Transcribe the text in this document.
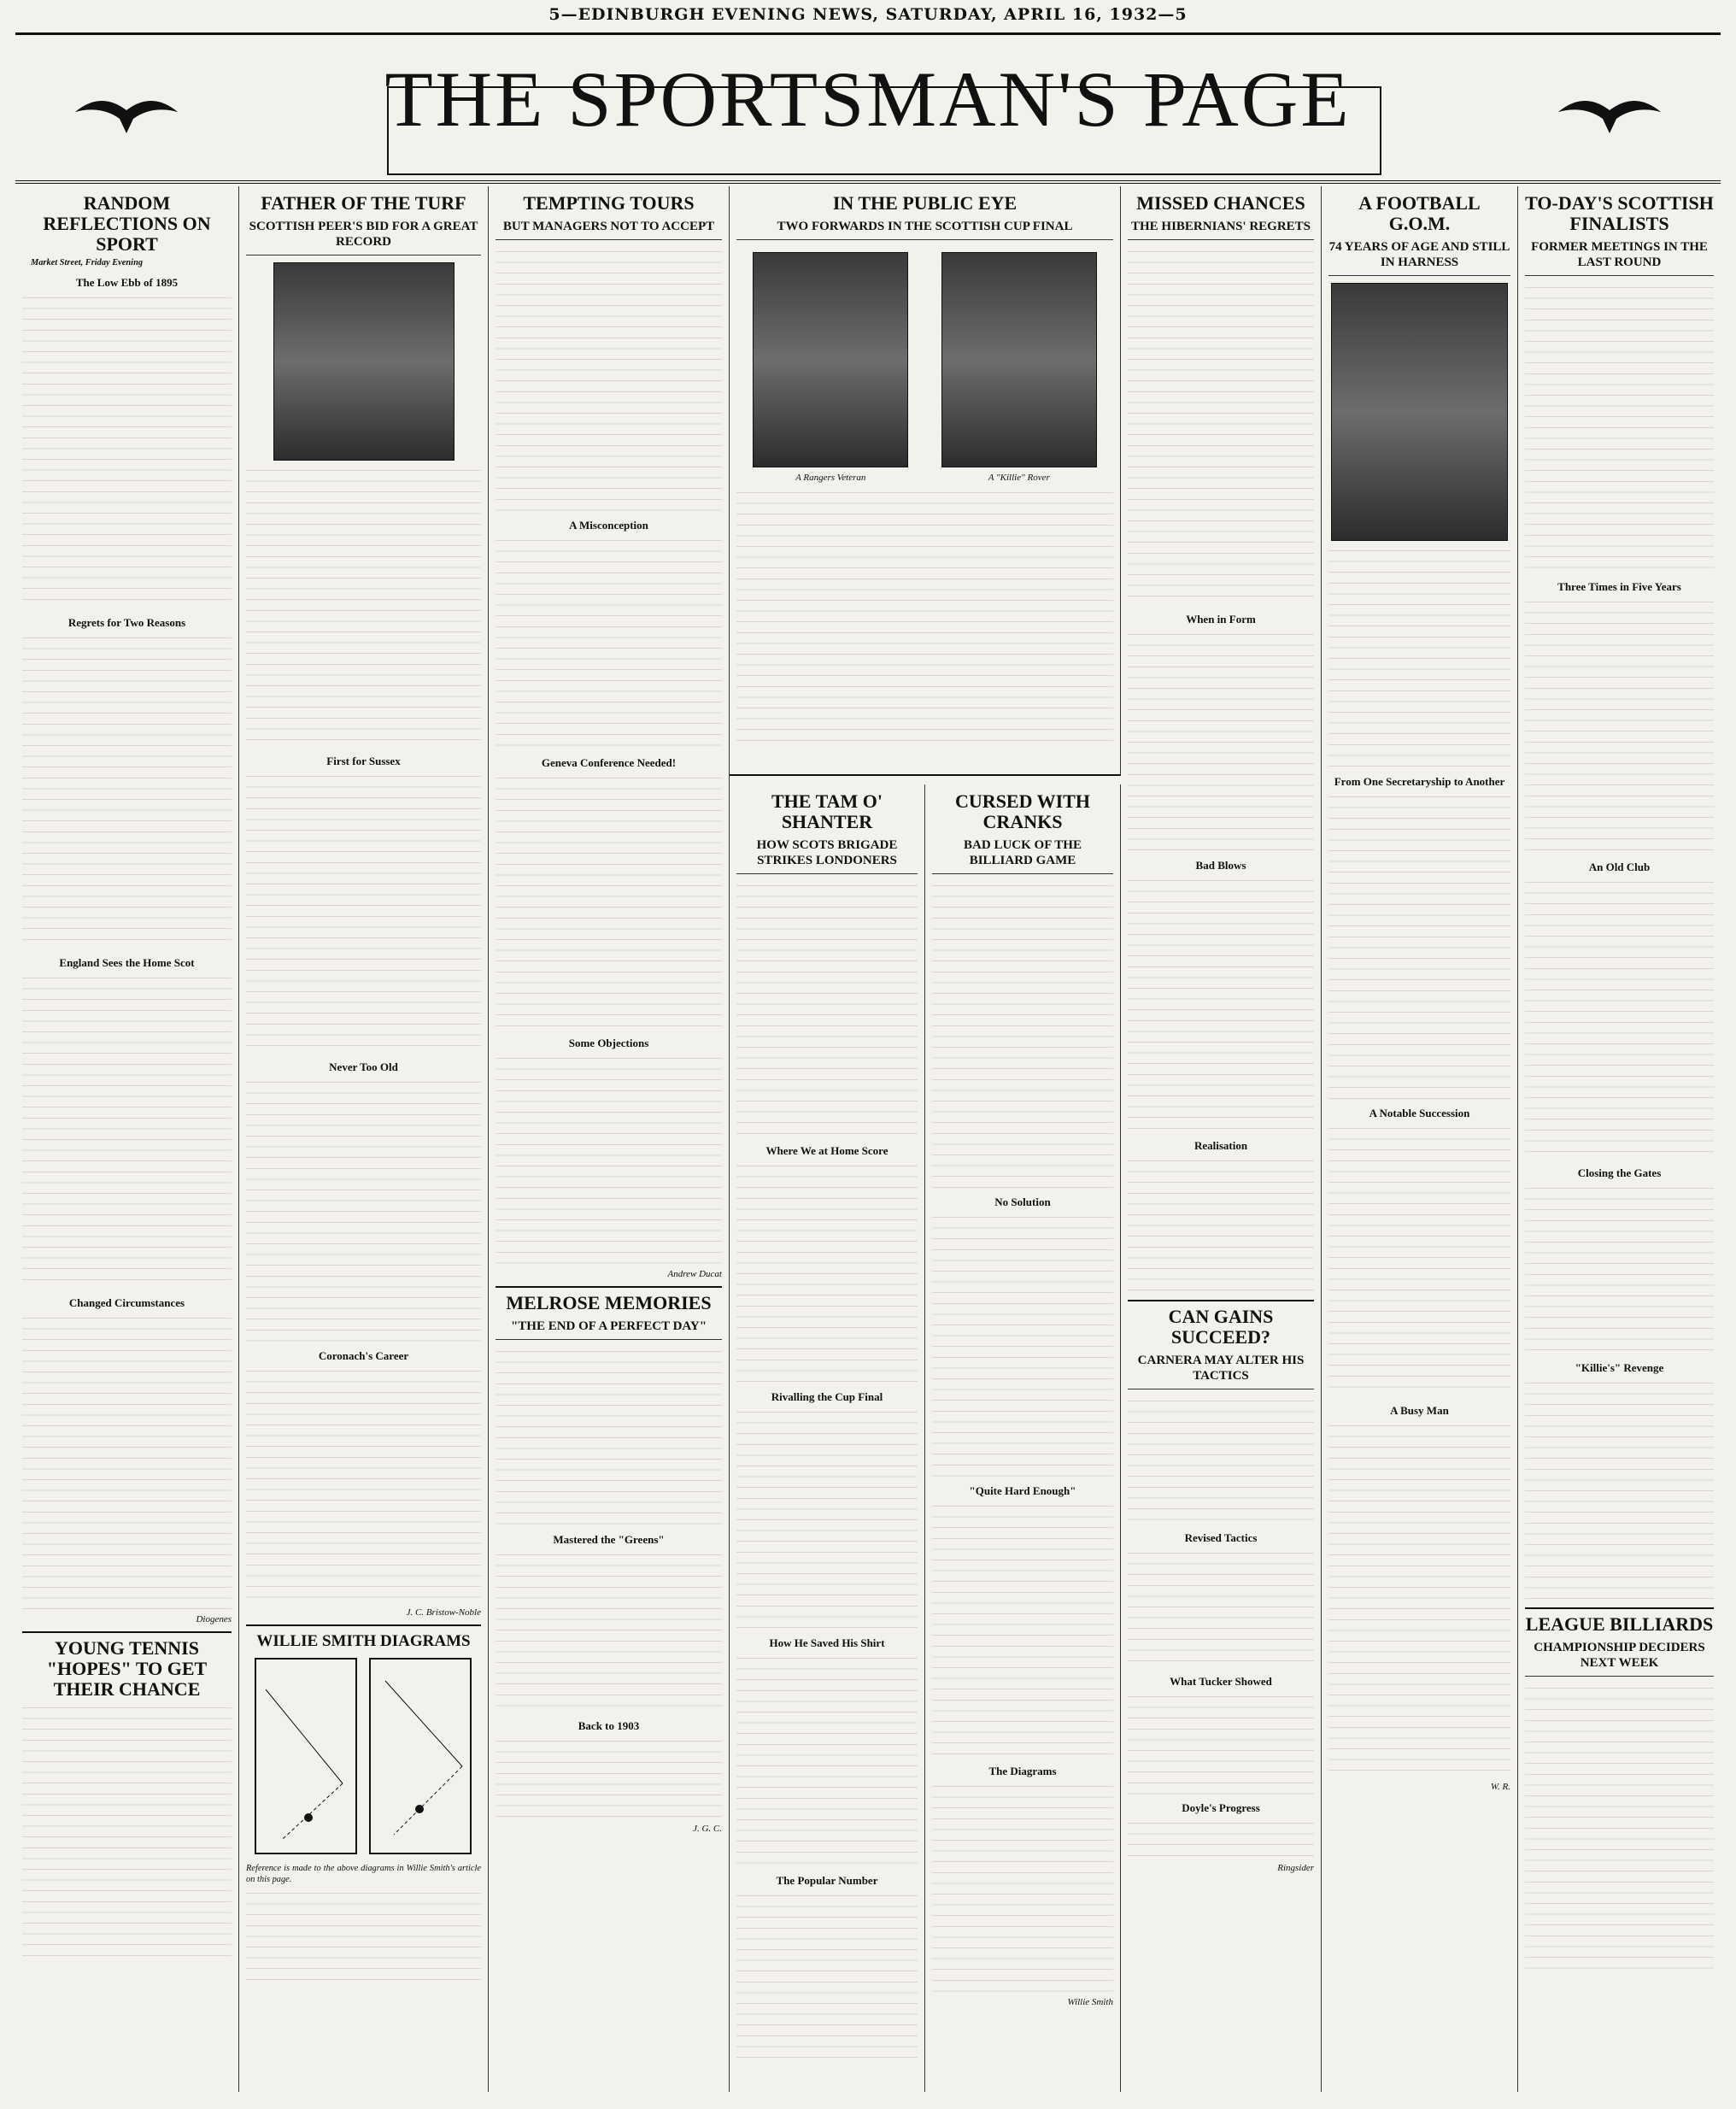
5—EDINBURGH EVENING NEWS, SATURDAY, APRIL 16, 1932—5
THE SPORTSMAN'S PAGE
RANDOM REFLECTIONS ON SPORT

Market Street, Friday Evening

The Low Ebb of 1895
Regrets for Two Reasons
England Sees the Home Scot
Changed Circumstances
Diogenes
YOUNG TENNIS "HOPES" TO GET THEIR CHANCE
FATHER OF THE TURF
SCOTTISH PEER'S BID FOR A GREAT RECORD
First for Sussex
Never Too Old
Coronach's Career
J. C. Bristow-Noble
WILLIE SMITH DIAGRAMS

Reference is made to the above diagrams in Willie Smith's article on this page.

TEMPTING TOURS
BUT MANAGERS NOT TO ACCEPT
A Misconception
Geneva Conference Needed!
Some Objections
Andrew Ducat
MELROSE MEMORIES
"THE END OF A PERFECT DAY"
Mastered the "Greens"
Back to 1903
J. G. C.
IN THE PUBLIC EYE
TWO FORWARDS IN THE SCOTTISH CUP FINAL
A Rangers Veteran	A "Killie" Rover
THE TAM O' SHANTER
HOW SCOTS BRIGADE STRIKES LONDONERS
Where We at Home Score
Rivalling the Cup Final
How He Saved His Shirt
The Popular Number
CURSED WITH CRANKS
BAD LUCK OF THE BILLIARD GAME
No Solution
"Quite Hard Enough"
The Diagrams
Willie Smith
MISSED CHANCES
THE HIBERNIANS' REGRETS
When in Form
Bad Blows
Realisation
CAN GAINS SUCCEED?
CARNERA MAY ALTER HIS TACTICS
Revised Tactics
What Tucker Showed
Doyle's Progress
Ringsider
A FOOTBALL G.O.M.
74 YEARS OF AGE AND STILL IN HARNESS
From One Secretaryship to Another
A Notable Succession
A Busy Man
W. R.
TO-DAY'S SCOTTISH FINALISTS
FORMER MEETINGS IN THE LAST ROUND
Three Times in Five Years
An Old Club
Closing the Gates
"Killie's" Revenge
LEAGUE BILLIARDS
CHAMPIONSHIP DECIDERS NEXT WEEK
